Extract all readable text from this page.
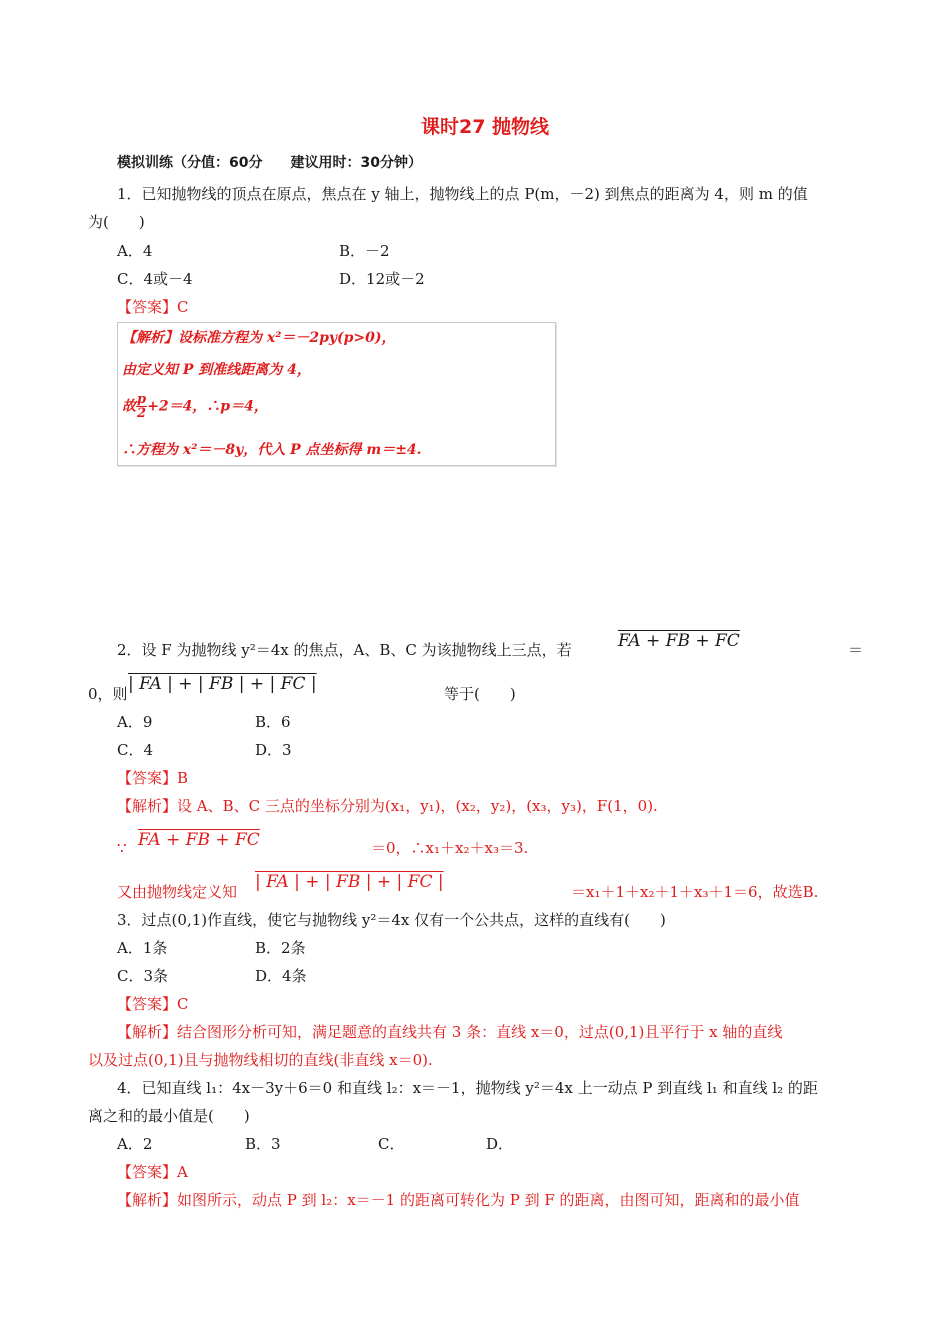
课时27 抛物线
模拟训练（分值：60分　　建议用时：30分钟）
1．已知抛物线的顶点在原点，焦点在 y 轴上，抛物线上的点 P(m，－2) 到焦点的距离为 4，则 m 的值
为(　　)
A．4	B．－2
C．4或－4	D．12或－2
【答案】C
【解析】设标准方程为 x²＝－2py(p>0)，
由定义知 P 到准线距离为 4，
故 $\frac{p}{2} +2=4$，∴p＝4，
∴方程为 x²＝－8y，代入 P 点坐标得 m＝±4.
2．设 F 为抛物线 y²＝4x 的焦点，A、B、C 为该抛物线上三点，若	FA + FB + FC	＝
0，则 | FA | + | FB | + | FC |	等于(　　)
A．9	B．6
C．4	D．3
【答案】B
【解析】设 A、B、C 三点的坐标分别为(x₁，y₁)，(x₂，y₂)，(x₃，y₃)，F(1，0).
∵ FA + FB + FC	＝0，∴x₁＋x₂＋x₃＝3.
又由抛物线定义知 | FA | + | FB | + | FC |	＝x₁＋1＋x₂＋1＋x₃＋1＝6，故选B.
3．过点(0,1)作直线，使它与抛物线 y²＝4x 仅有一个公共点，这样的直线有(　　)
A．1条	B．2条
C．3条	D．4条
【答案】C
【解析】结合图形分析可知，满足题意的直线共有 3 条：直线 x＝0，过点(0,1)且平行于 x 轴的直线
以及过点(0,1)且与抛物线相切的直线(非直线 x＝0).
4．已知直线 l₁：4x－3y＋6＝0 和直线 l₂：x＝－1，抛物线 y²＝4x 上一动点 P 到直线 l₁ 和直线 l₂ 的距
离之和的最小值是(　　)
A．2	B．3	C．	D．
【答案】A
【解析】如图所示，动点 P 到 l₂：x＝－1 的距离可转化为 P 到 F 的距离，由图可知，距离和的最小值
